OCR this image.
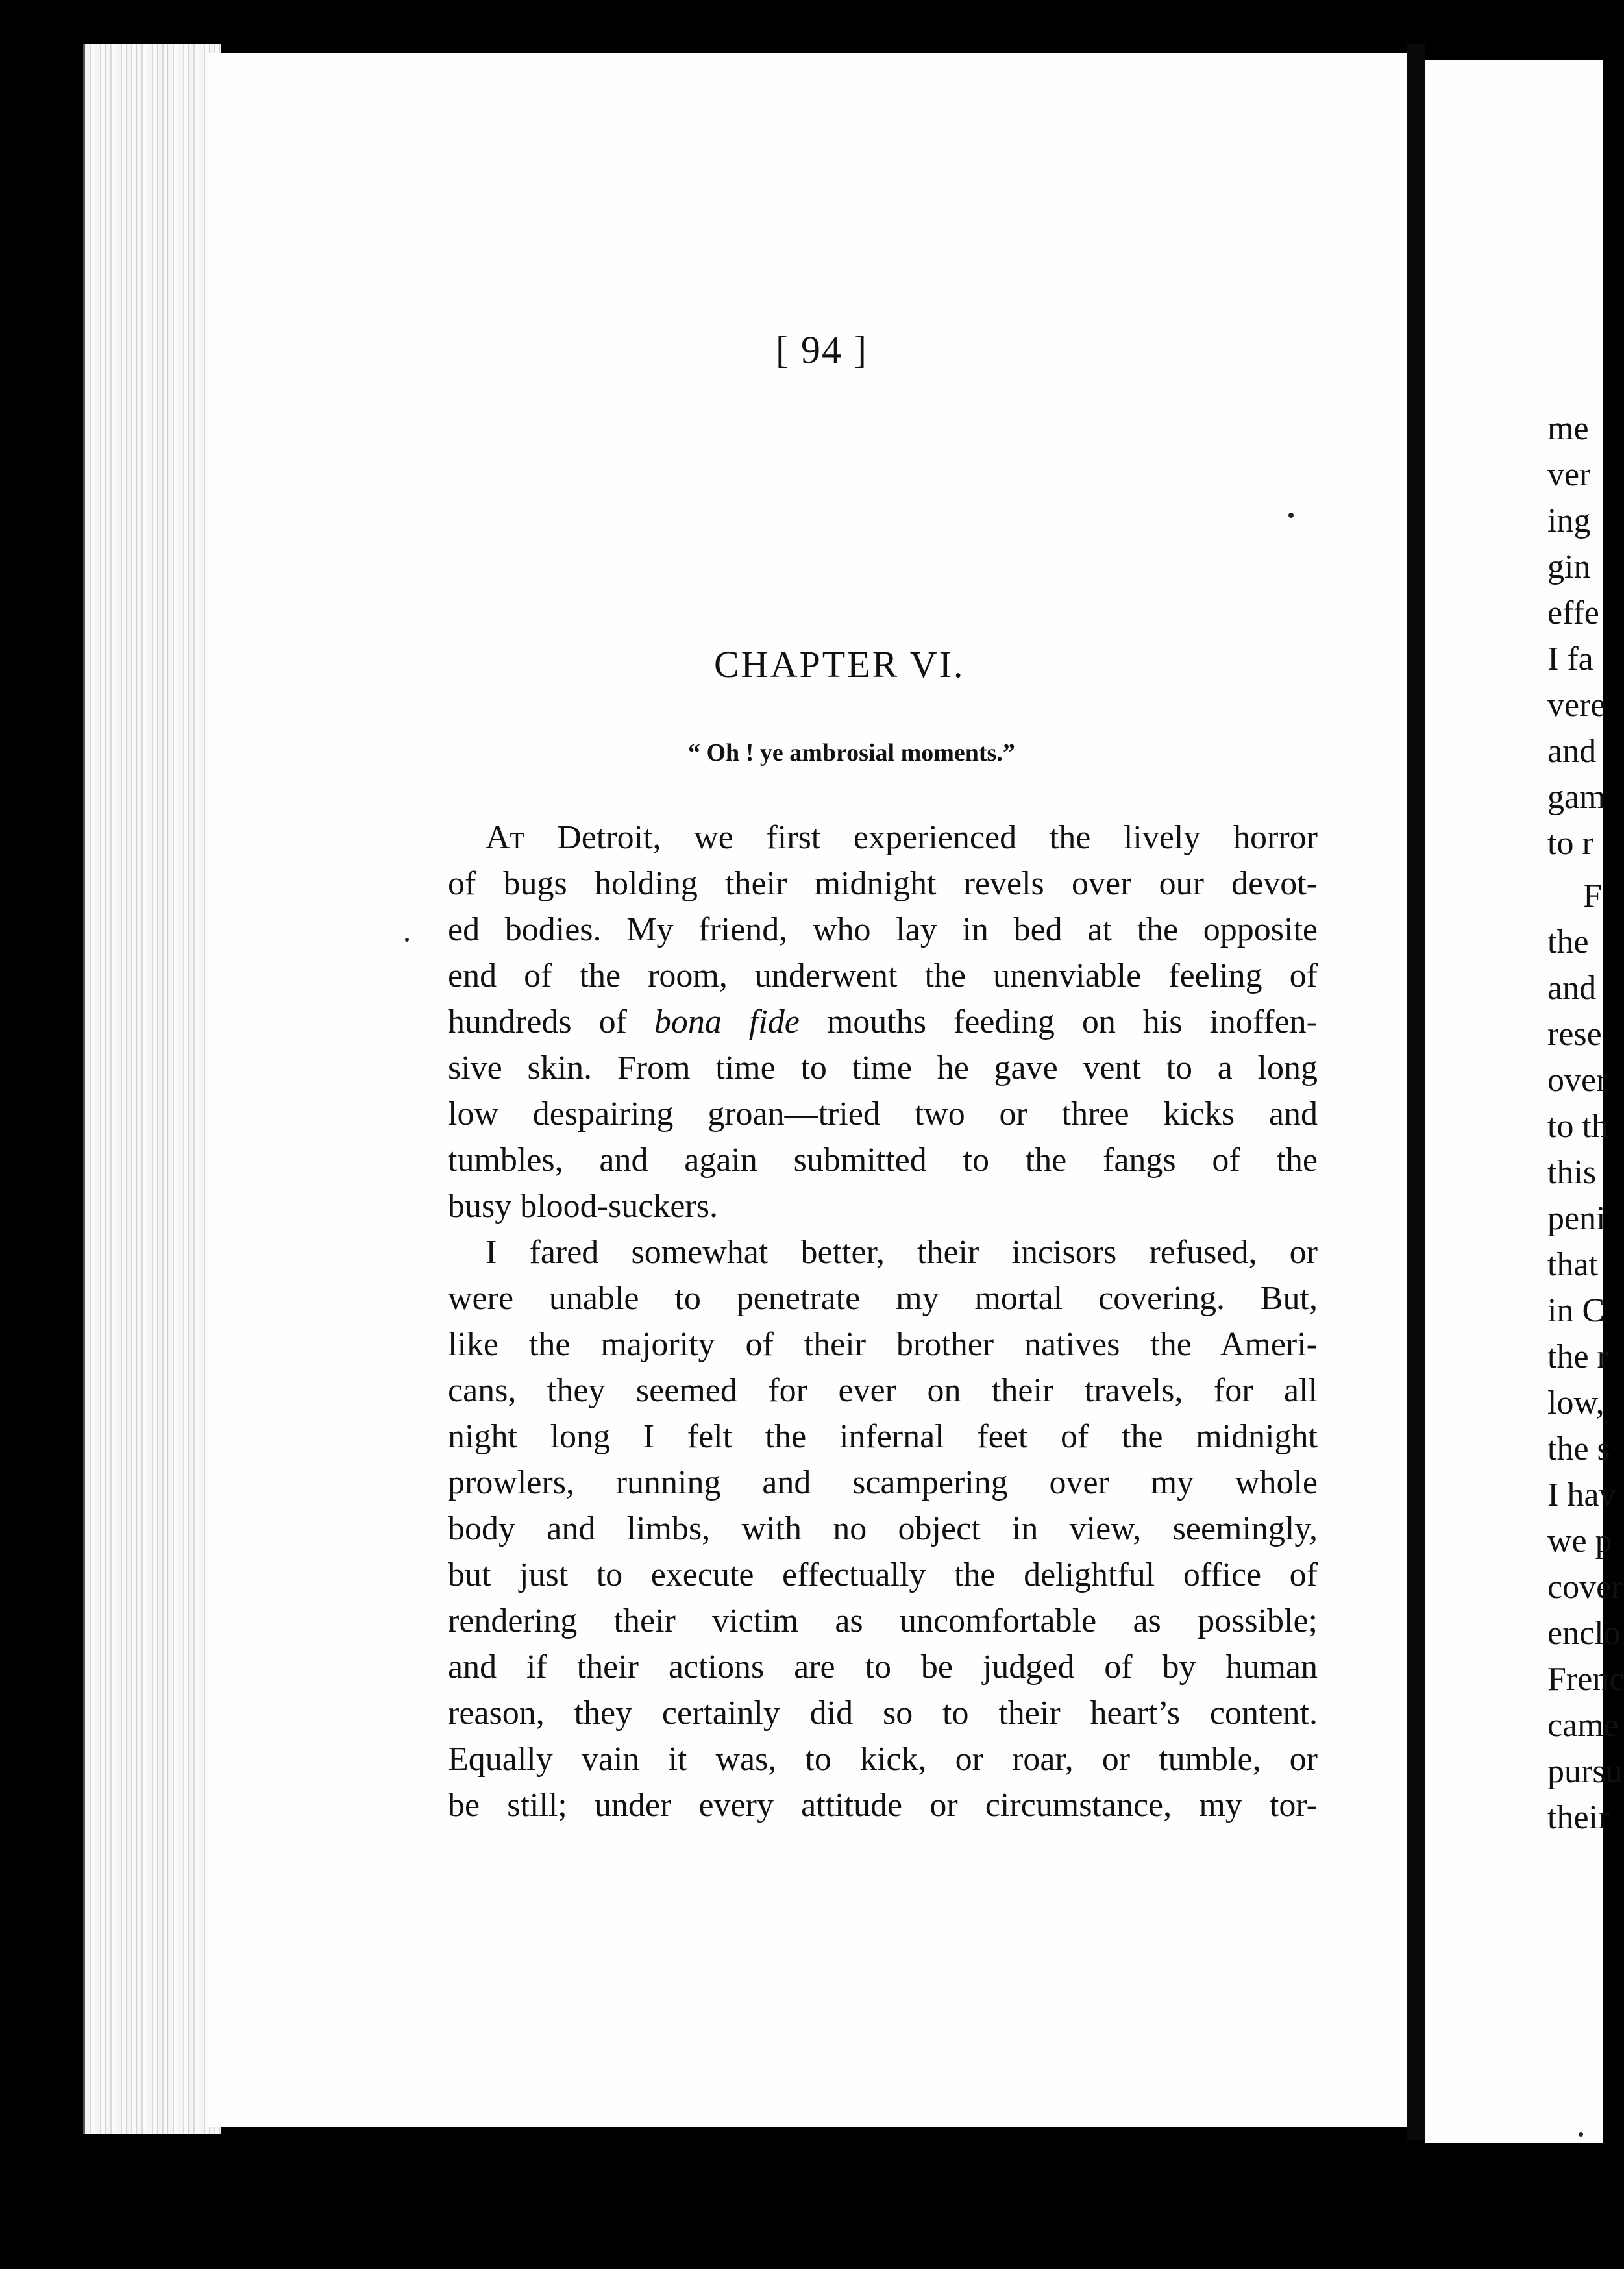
[ 94 ]
CHAPTER VI.
“ Oh ! ye ambrosial moments.”
At Detroit, we first experienced the lively horror
of bugs holding their midnight revels over our devot-
ed bodies. My friend, who lay in bed at the opposite
end of the room, underwent the unenviable feeling of
hundreds of bona fide mouths feeding on his inoffen-
sive skin. From time to time he gave vent to a long
low despairing groan—tried two or three kicks and
tumbles, and again submitted to the fangs of the
busy blood-suckers.
I fared somewhat better, their incisors refused, or
were unable to penetrate my mortal covering. But,
like the majority of their brother natives the Ameri-
cans, they seemed for ever on their travels, for all
night long I felt the infernal feet of the midnight
prowlers, running and scampering over my whole
body and limbs, with no object in view, seemingly,
but just to execute effectually the delightful office of
rendering their victim as uncomfortable as possible;
and if their actions are to be judged of by human
reason, they certainly did so to their heart’s content.
Equally vain it was, to kick, or roar, or tumble, or
be still; under every attitude or circumstance, my tor-
me
ver
ing
gin
effe
I fa
vere
and
gam
to r
F
the
and
rese
over
to th
this
peni
that
in C
the r
low,
the s
I hav
we p
cover
enclo
Frenc
came
pursu
their
